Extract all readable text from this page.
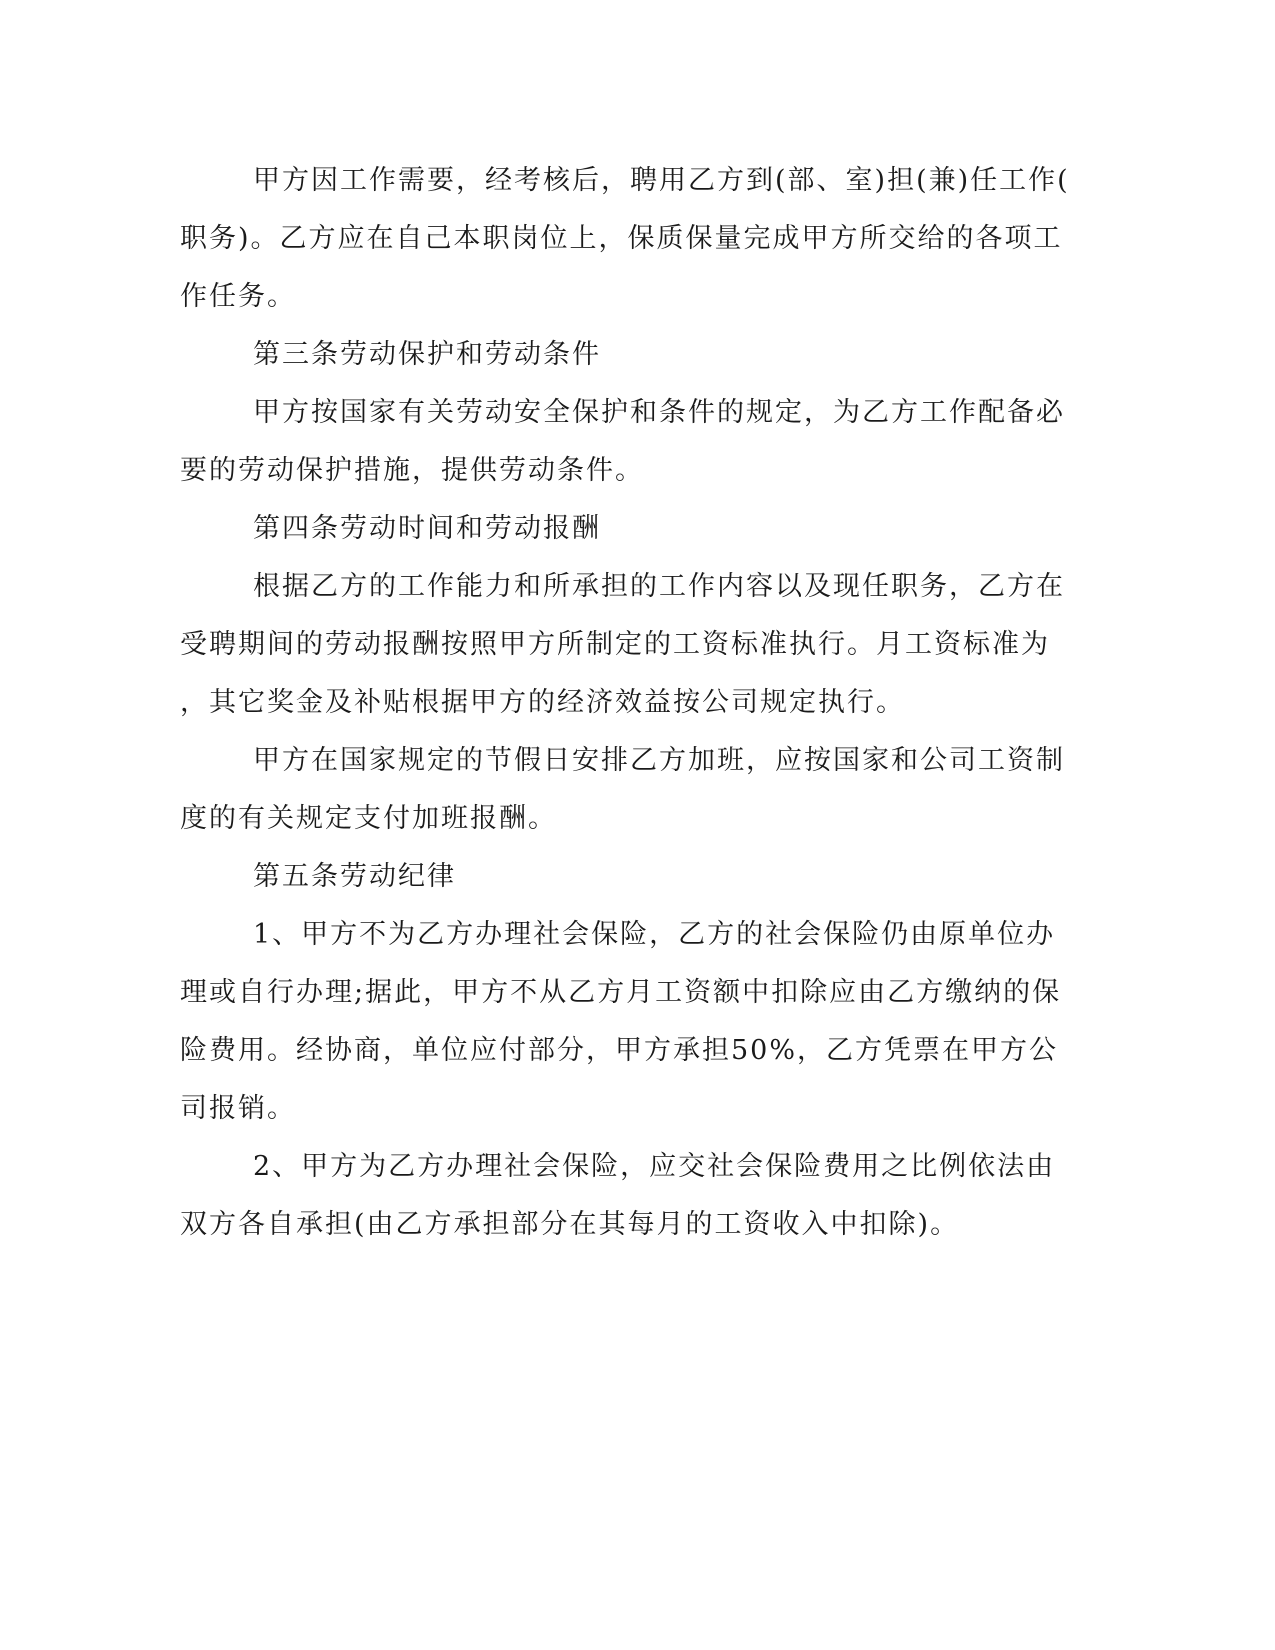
甲方因工作需要，经考核后，聘用乙方到(部、室)担(兼)任工作(
职务)。乙方应在自己本职岗位上，保质保量完成甲方所交给的各项工
作任务。
第三条劳动保护和劳动条件
甲方按国家有关劳动安全保护和条件的规定，为乙方工作配备必
要的劳动保护措施，提供劳动条件。
第四条劳动时间和劳动报酬
根据乙方的工作能力和所承担的工作内容以及现任职务，乙方在
受聘期间的劳动报酬按照甲方所制定的工资标准执行。月工资标准为
，其它奖金及补贴根据甲方的经济效益按公司规定执行。
甲方在国家规定的节假日安排乙方加班，应按国家和公司工资制
度的有关规定支付加班报酬。
第五条劳动纪律
1、甲方不为乙方办理社会保险，乙方的社会保险仍由原单位办
理或自行办理;据此，甲方不从乙方月工资额中扣除应由乙方缴纳的保
险费用。经协商，单位应付部分，甲方承担50%，乙方凭票在甲方公
司报销。
2、甲方为乙方办理社会保险，应交社会保险费用之比例依法由
双方各自承担(由乙方承担部分在其每月的工资收入中扣除)。
